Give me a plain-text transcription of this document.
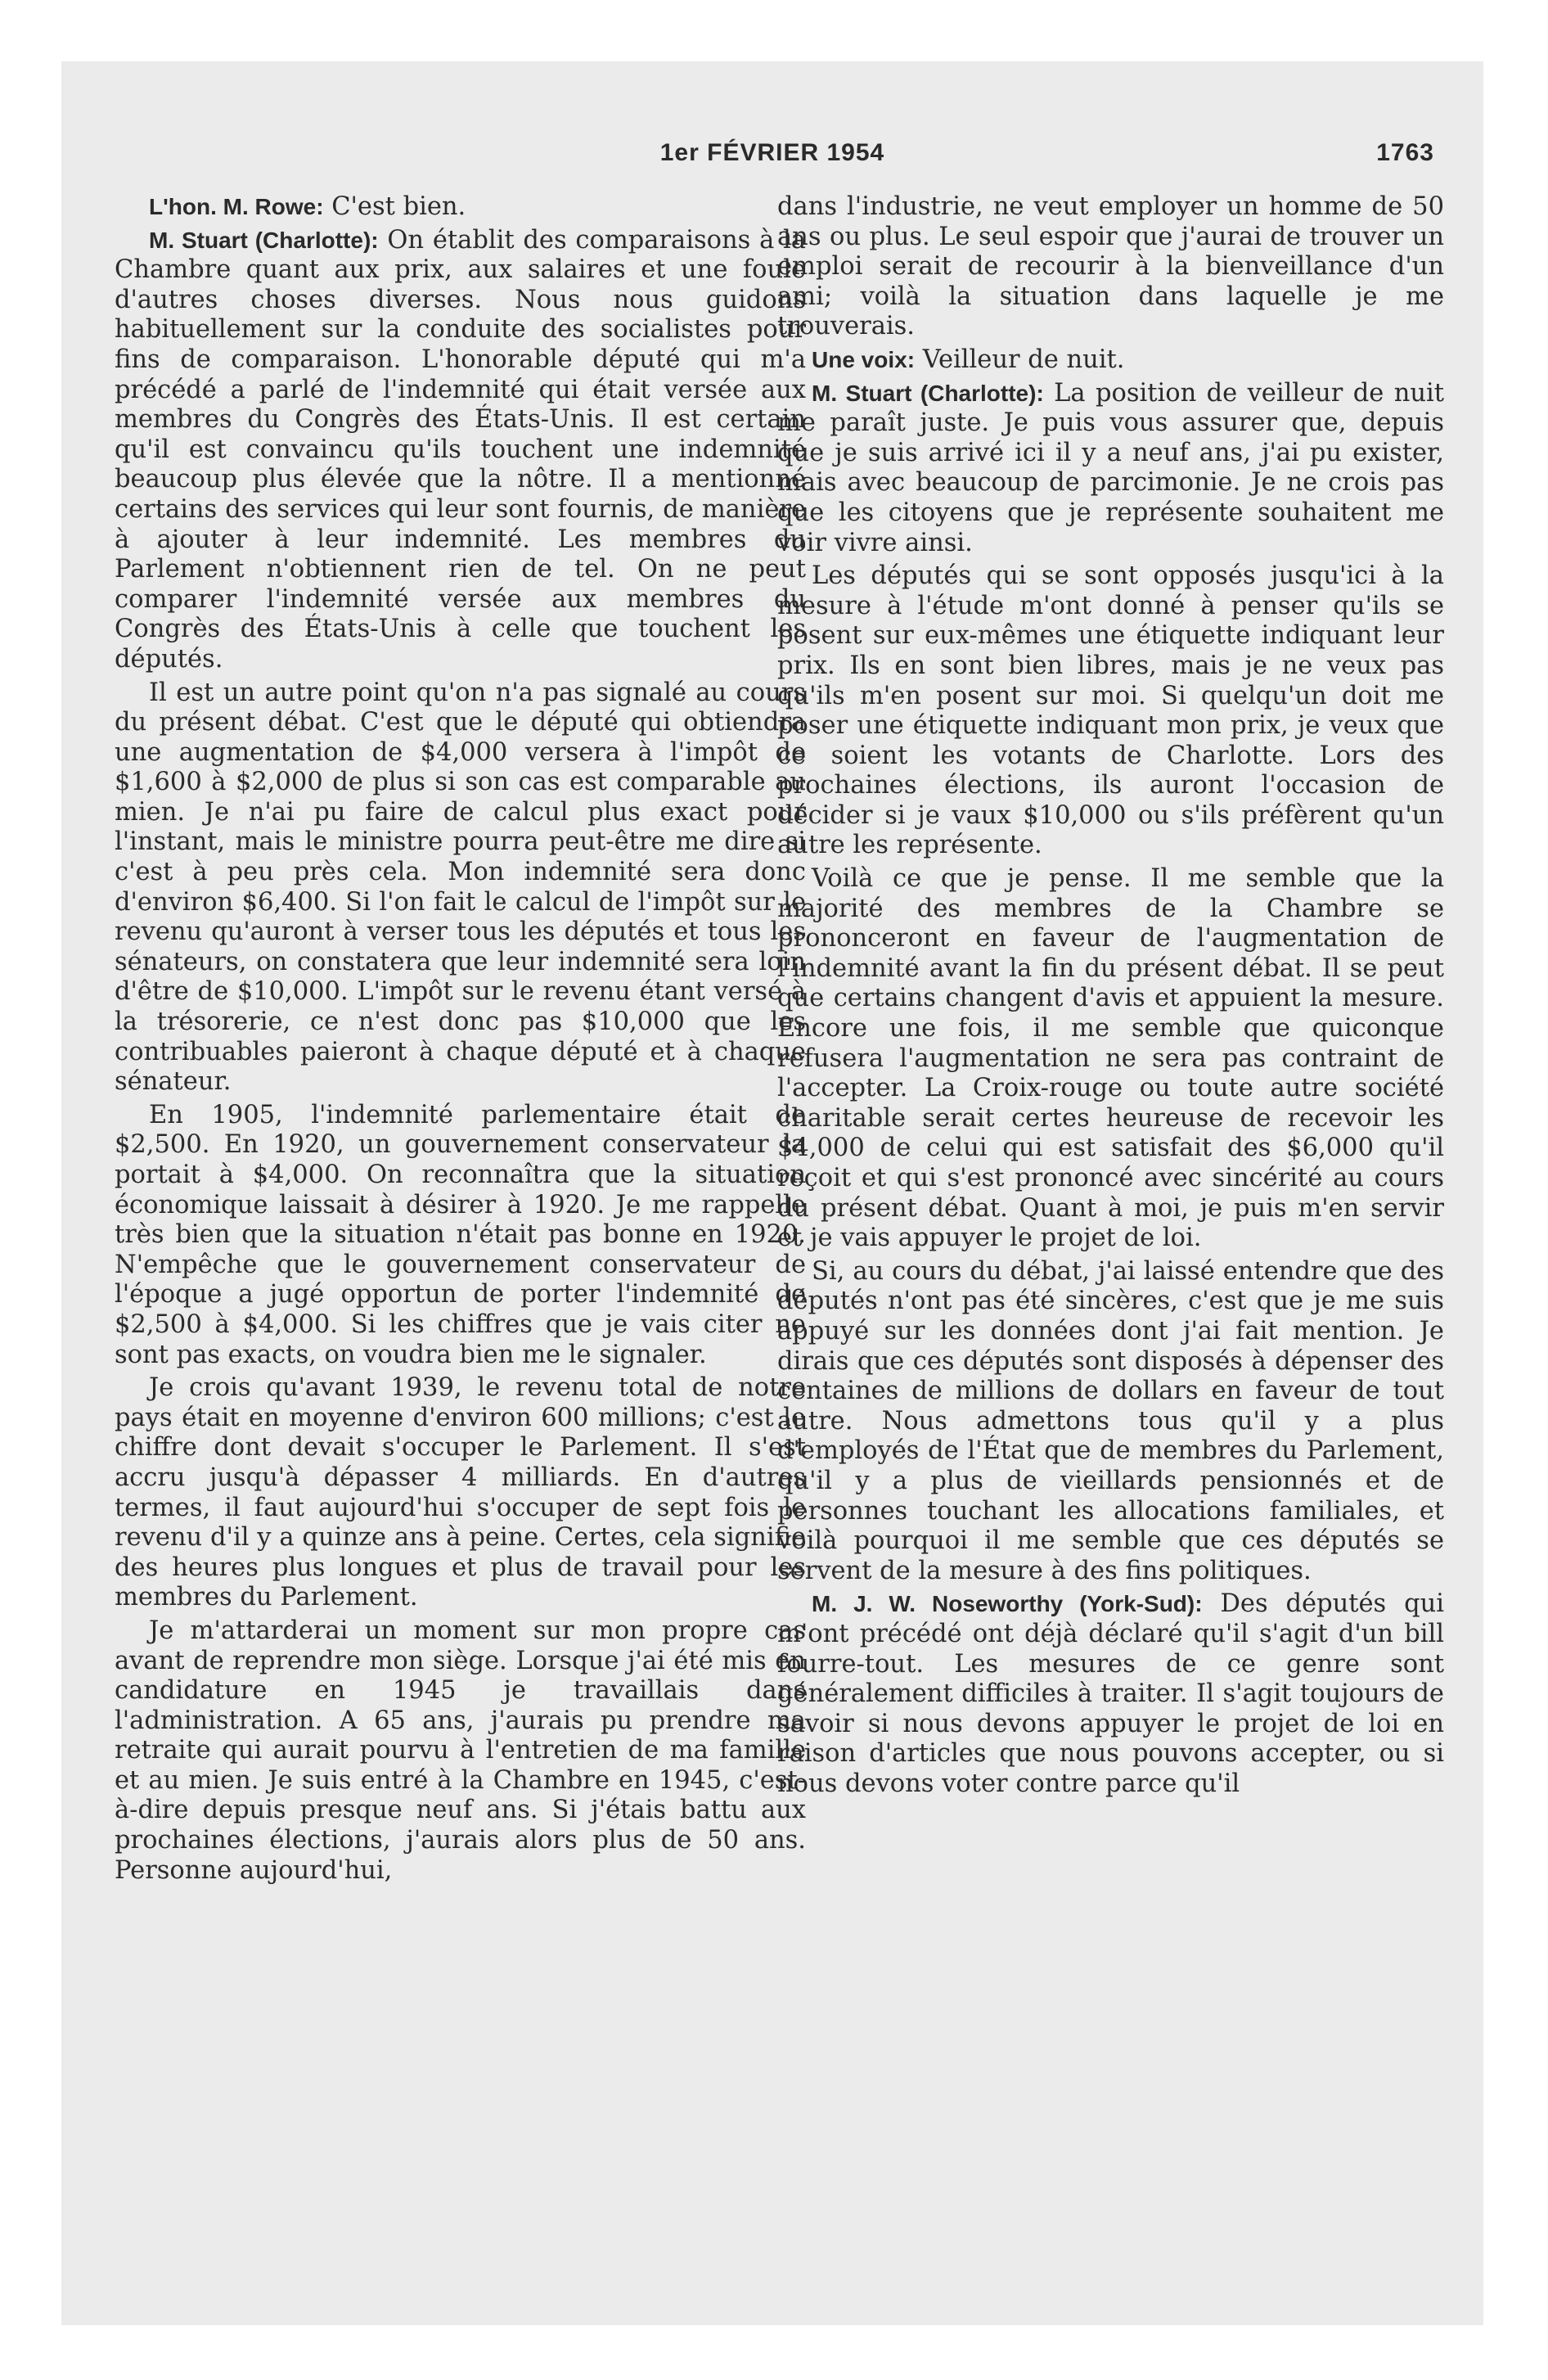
1er FÉVRIER 1954	1763

L'hon. M. Rowe: C'est bien.

M. Stuart (Charlotte): On établit des comparaisons à la Chambre quant aux prix, aux salaires et une foule d'autres choses diverses. Nous nous guidons habituellement sur la conduite des socialistes pour fins de comparaison. L'honorable député qui m'a précédé a parlé de l'indemnité qui était versée aux membres du Congrès des États-Unis. Il est certain qu'il est convaincu qu'ils touchent une indemnité beaucoup plus élevée que la nôtre. Il a mentionné certains des services qui leur sont fournis, de manière à ajouter à leur indemnité. Les membres du Parlement n'obtiennent rien de tel. On ne peut comparer l'indemnité versée aux membres du Congrès des États-Unis à celle que touchent les députés.

Il est un autre point qu'on n'a pas signalé au cours du présent débat. C'est que le député qui obtiendra une augmentation de $4,000 versera à l'impôt de $1,600 à $2,000 de plus si son cas est comparable au mien. Je n'ai pu faire de calcul plus exact pour l'instant, mais le ministre pourra peut-être me dire si c'est à peu près cela. Mon indemnité sera donc d'environ $6,400. Si l'on fait le calcul de l'impôt sur le revenu qu'auront à verser tous les députés et tous les sénateurs, on constatera que leur indemnité sera loin d'être de $10,000. L'impôt sur le revenu étant versé à la trésorerie, ce n'est donc pas $10,000 que les contribuables paieront à chaque député et à chaque sénateur.

En 1905, l'indemnité parlementaire était de $2,500. En 1920, un gouvernement conservateur la portait à $4,000. On reconnaîtra que la situation économique laissait à désirer à 1920. Je me rappelle très bien que la situation n'était pas bonne en 1920. N'empêche que le gouvernement conservateur de l'époque a jugé opportun de porter l'indemnité de $2,500 à $4,000. Si les chiffres que je vais citer ne sont pas exacts, on voudra bien me le signaler.

Je crois qu'avant 1939, le revenu total de notre pays était en moyenne d'environ 600 millions; c'est le chiffre dont devait s'occuper le Parlement. Il s'est accru jusqu'à dépasser 4 milliards. En d'autres termes, il faut aujourd'hui s'occuper de sept fois le revenu d'il y a quinze ans à peine. Certes, cela signifie des heures plus longues et plus de travail pour les membres du Parlement.

Je m'attarderai un moment sur mon propre cas avant de reprendre mon siège. Lorsque j'ai été mis en candidature en 1945 je travaillais dans l'administration. A 65 ans, j'aurais pu prendre ma retraite qui aurait pourvu à l'entretien de ma famille et au mien. Je suis entré à la Chambre en 1945, c'est-à-dire depuis presque neuf ans. Si j'étais battu aux prochaines élections, j'aurais alors plus de 50 ans. Personne aujourd'hui,

dans l'industrie, ne veut employer un homme de 50 ans ou plus. Le seul espoir que j'aurai de trouver un emploi serait de recourir à la bienveillance d'un ami; voilà la situation dans laquelle je me trouverais.

Une voix: Veilleur de nuit.

M. Stuart (Charlotte): La position de veilleur de nuit me paraît juste. Je puis vous assurer que, depuis que je suis arrivé ici il y a neuf ans, j'ai pu exister, mais avec beaucoup de parcimonie. Je ne crois pas que les citoyens que je représente souhaitent me voir vivre ainsi.

Les députés qui se sont opposés jusqu'ici à la mesure à l'étude m'ont donné à penser qu'ils se posent sur eux-mêmes une étiquette indiquant leur prix. Ils en sont bien libres, mais je ne veux pas qu'ils m'en posent sur moi. Si quelqu'un doit me poser une étiquette indiquant mon prix, je veux que ce soient les votants de Charlotte. Lors des prochaines élections, ils auront l'occasion de décider si je vaux $10,000 ou s'ils préfèrent qu'un autre les représente.

Voilà ce que je pense. Il me semble que la majorité des membres de la Chambre se prononceront en faveur de l'augmentation de l'indemnité avant la fin du présent débat. Il se peut que certains changent d'avis et appuient la mesure. Encore une fois, il me semble que quiconque refusera l'augmentation ne sera pas contraint de l'accepter. La Croix-rouge ou toute autre société charitable serait certes heureuse de recevoir les $4,000 de celui qui est satisfait des $6,000 qu'il reçoit et qui s'est prononcé avec sincérité au cours du présent débat. Quant à moi, je puis m'en servir et je vais appuyer le projet de loi.

Si, au cours du débat, j'ai laissé entendre que des députés n'ont pas été sincères, c'est que je me suis appuyé sur les données dont j'ai fait mention. Je dirais que ces députés sont disposés à dépenser des centaines de millions de dollars en faveur de tout autre. Nous admettons tous qu'il y a plus d'employés de l'État que de membres du Parlement, qu'il y a plus de vieillards pensionnés et de personnes touchant les allocations familiales, et voilà pourquoi il me semble que ces députés se servent de la mesure à des fins politiques.

M. J. W. Noseworthy (York-Sud): Des députés qui m'ont précédé ont déjà déclaré qu'il s'agit d'un bill fourre-tout. Les mesures de ce genre sont généralement difficiles à traiter. Il s'agit toujours de savoir si nous devons appuyer le projet de loi en raison d'articles que nous pouvons accepter, ou si nous devons voter contre parce qu'il
